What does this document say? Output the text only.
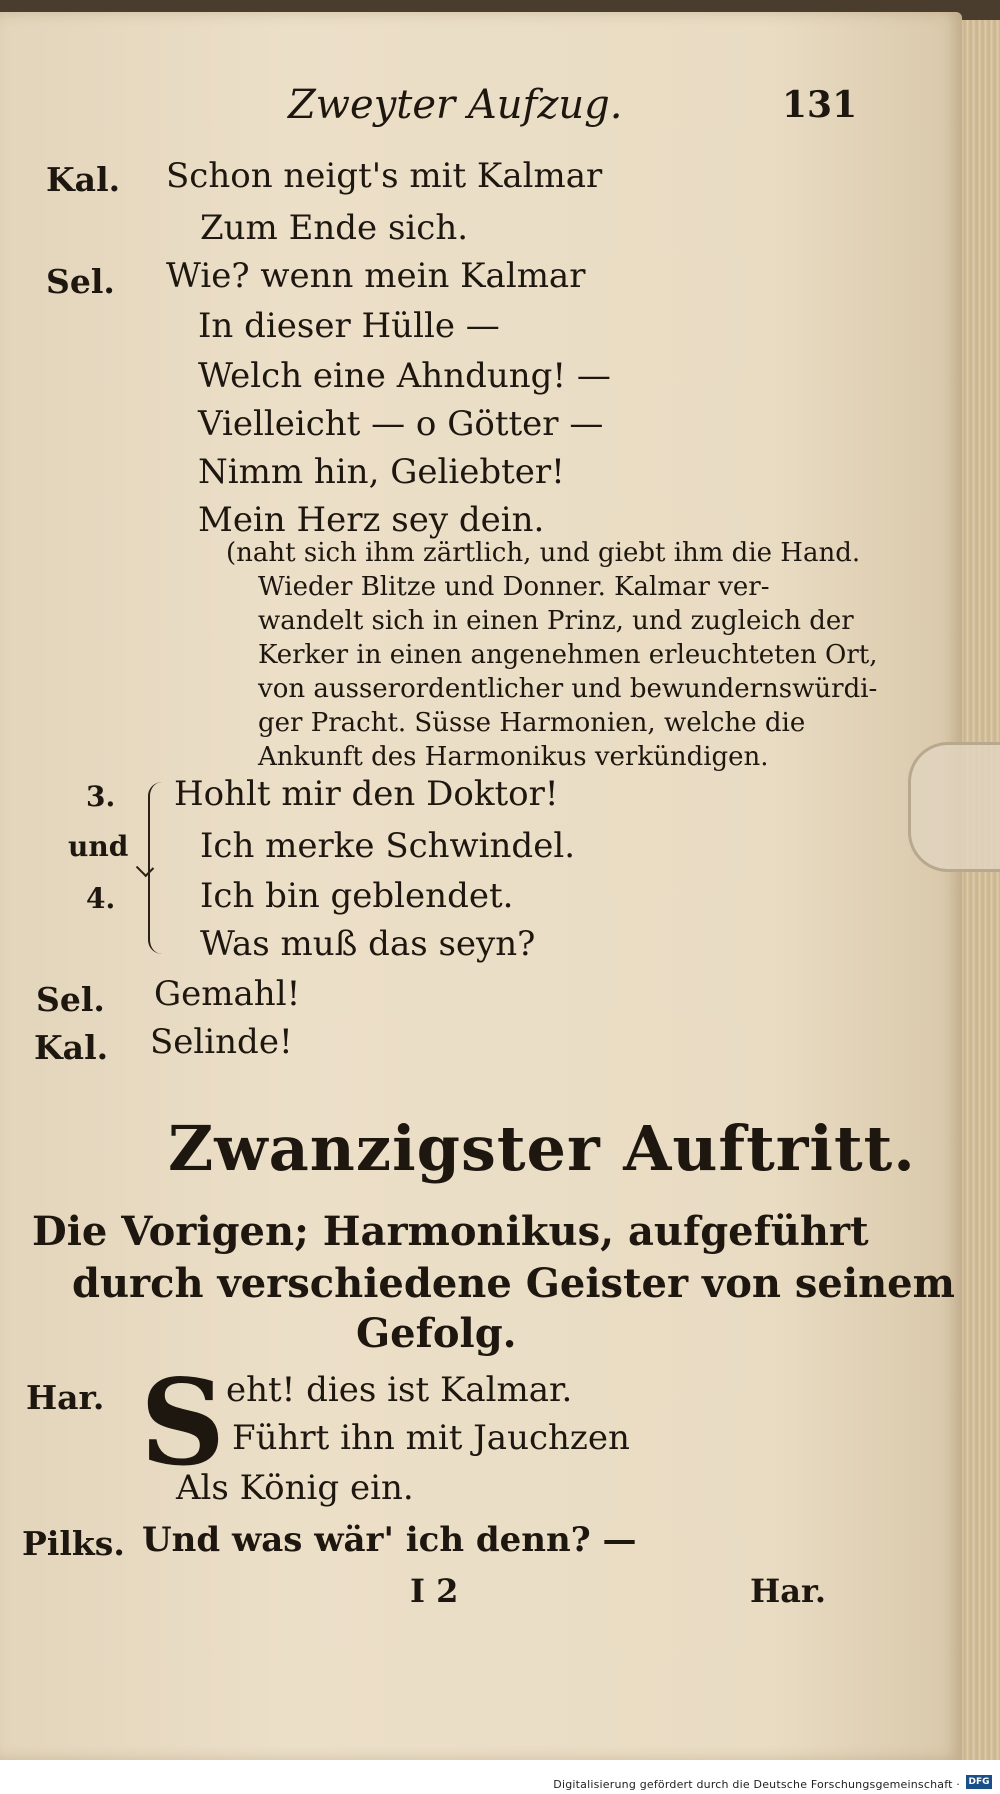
Zweyter Aufzug.	131
Kal. Schon neigt's mit Kalmar
Zum Ende sich.
Sel. Wie? wenn mein Kalmar
In dieser Hülle —
Welch eine Ahndung! —
Vielleicht — o Götter —
Nimm hin, Geliebter!
Mein Herz sey dein.
(naht sich ihm zärtlich, und giebt ihm die Hand.
Wieder Blitze und Donner. Kalmar ver-
wandelt sich in einen Prinz, und zugleich der
Kerker in einen angenehmen erleuchteten Ort,
von ausserordentlicher und bewundernswürdi-
ger Pracht. Süsse Harmonien, welche die
Ankunft des Harmonikus verkündigen.
3.
und
4.
Hohlt mir den Doktor!
Ich merke Schwindel.
Ich bin geblendet.
Was muß das seyn?
Sel. Gemahl!
Kal. Selinde!
Zwanzigster Auftritt.
Die Vorigen; Harmonikus, aufgeführt
durch verschiedene Geister von seinem
Gefolg.
Har. S eht! dies ist Kalmar.
Führt ihn mit Jauchzen
Als König ein.
Pilks. Und was wär' ich denn? —
I 2	Har.
Digitalisierung gefördert durch die Deutsche Forschungsgemeinschaft · DFG
